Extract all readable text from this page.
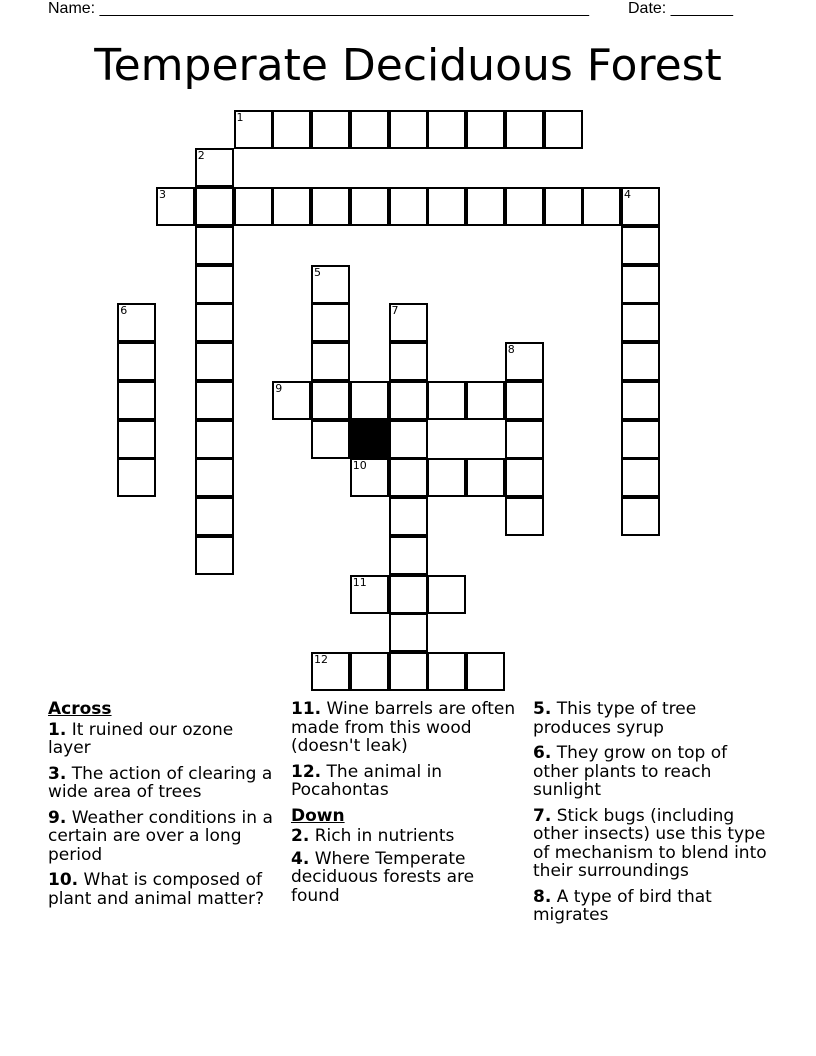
Name: _______________________________________________________ Date: _______
Temperate Deciduous Forest
1
2
3	4
5
6	7
8
9
10
11
12
Across
1. It ruined our ozone layer
3. The action of clearing a wide area of trees
9. Weather conditions in a certain are over a long period
10. What is composed of plant and animal matter?
11. Wine barrels are often made from this wood (doesn't leak)
12. The animal in Pocahontas
Down
2. Rich in nutrients
4. Where Temperate deciduous forests are found
5. This type of tree produces syrup
6. They grow on top of other plants to reach sunlight
7. Stick bugs (including other insects) use this type of mechanism to blend into their surroundings
8. A type of bird that migrates
